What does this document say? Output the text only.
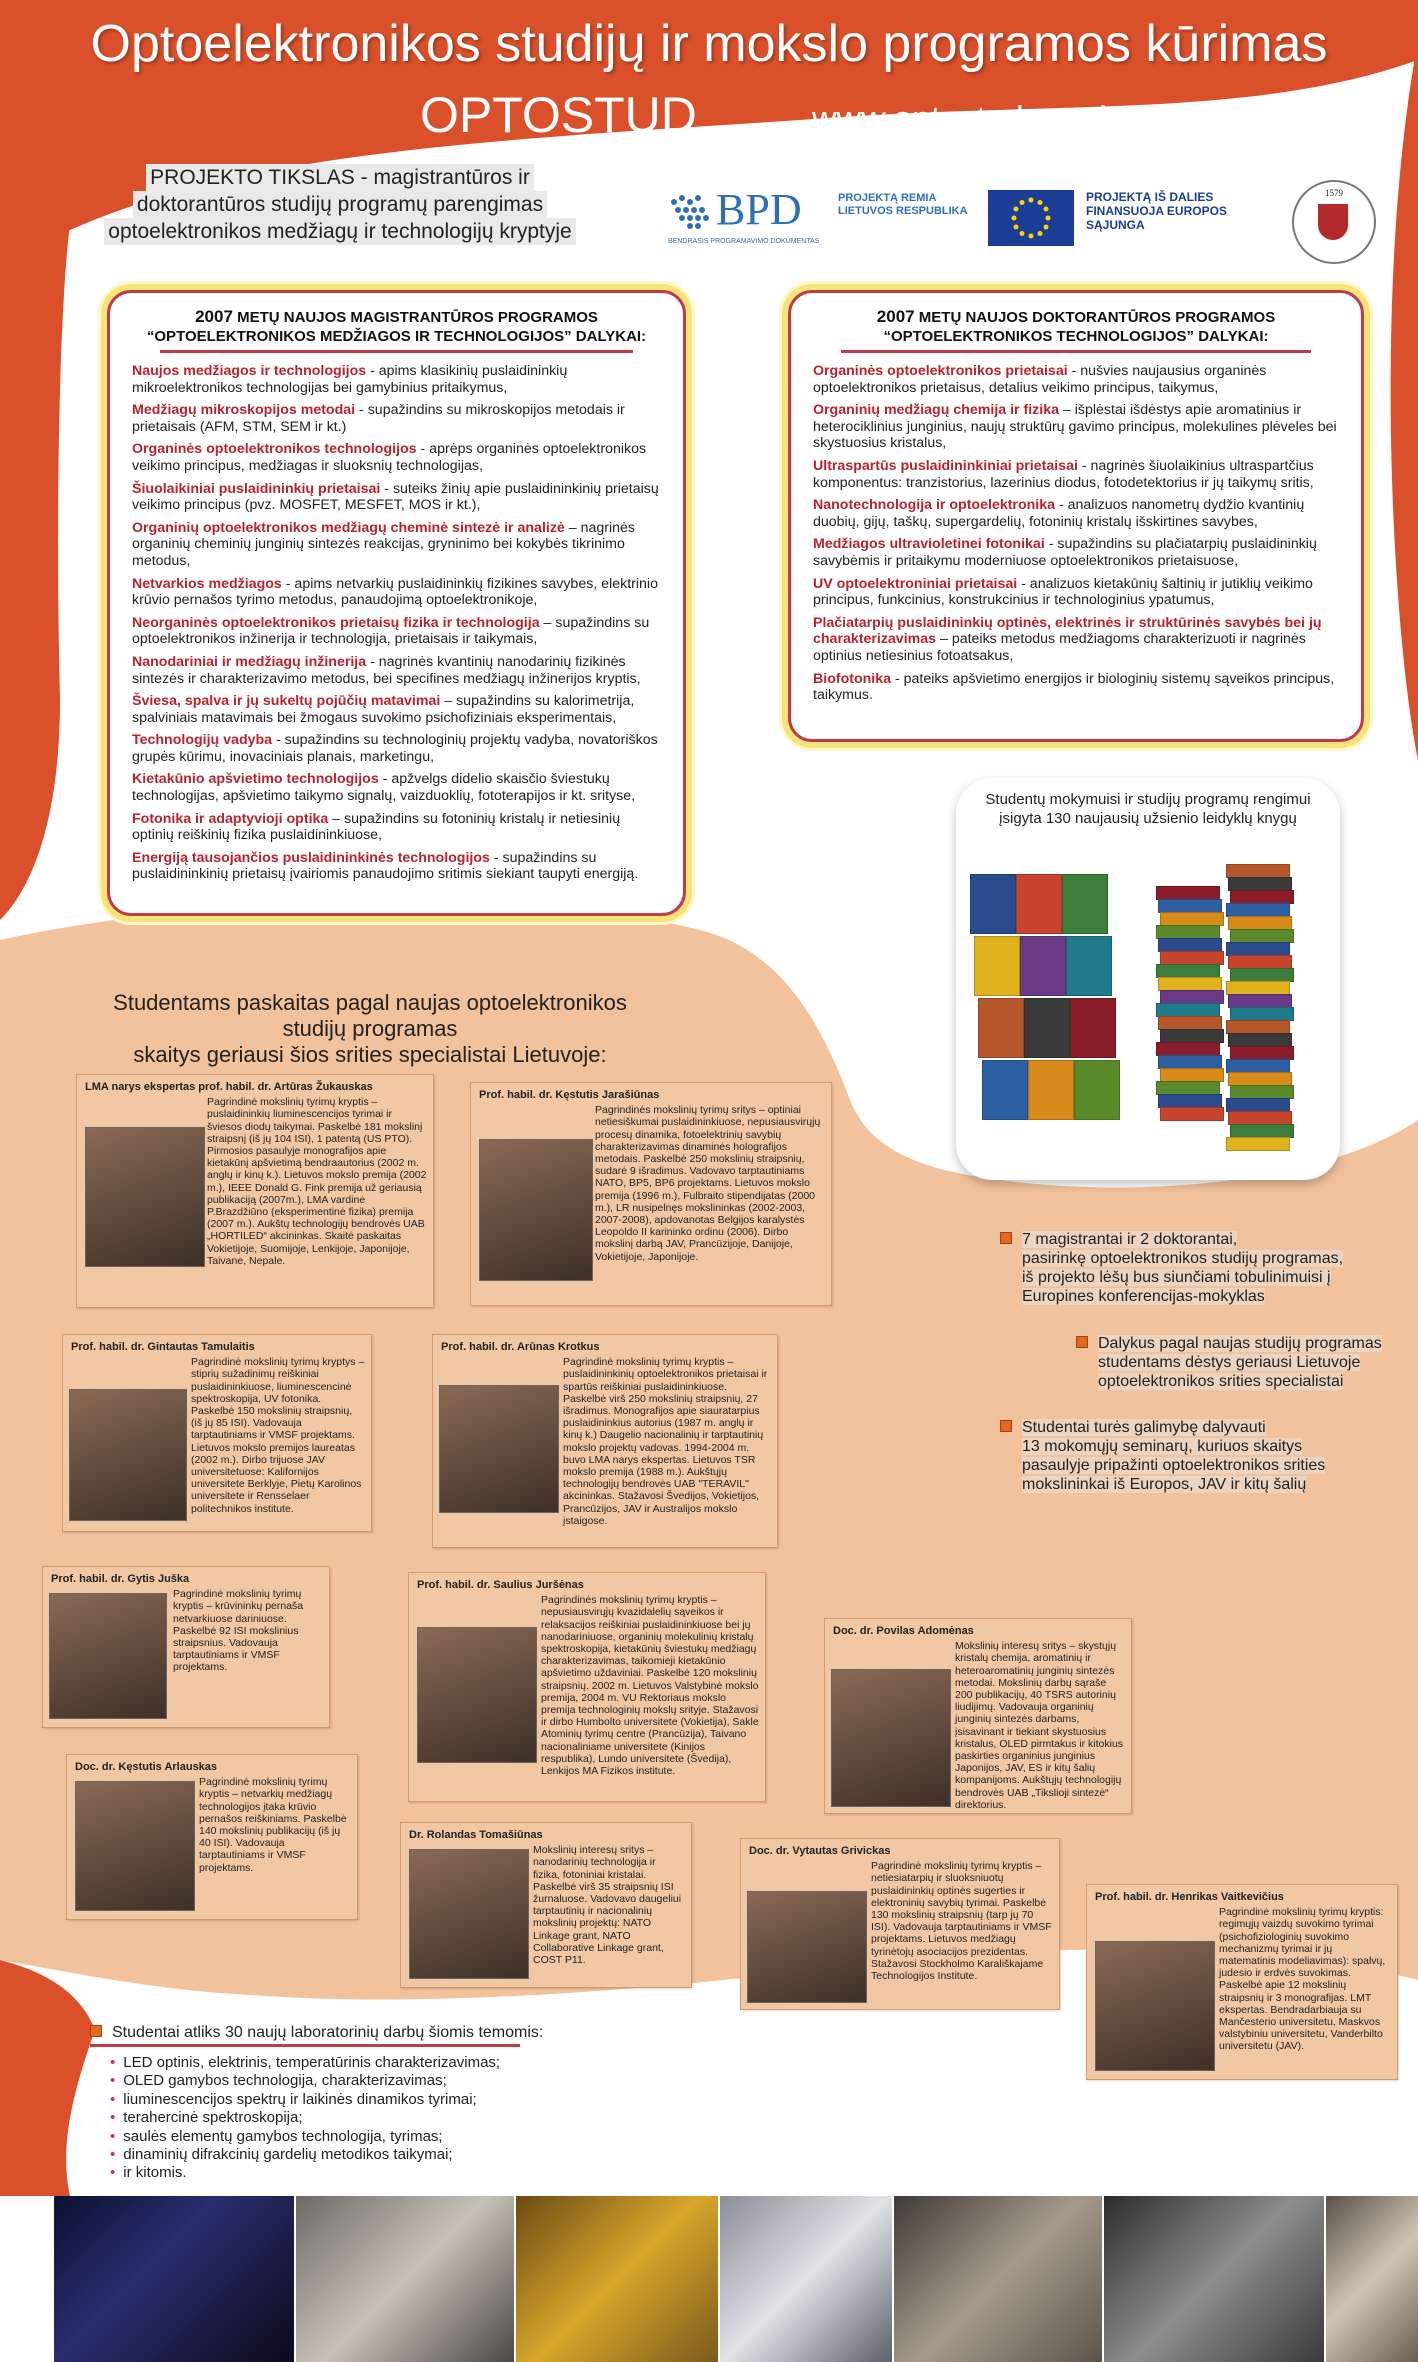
Optoelektronikos studijų ir mokslo programos kūrimas
OPTOSTUD	www.optostud.mtmi.vu.lt
PROJEKTO TIKSLAS - magistrantūros ir
doktorantūros studijų programų parengimas
optoelektronikos medžiagų ir technologijų kryptyje	BPD
BENDRASIS PROGRAMAVIMO DOKUMENTAS
PROJEKTĄ REMIA LIETUVOS RESPUBLIKA
PROJEKTĄ IŠ DALIES FINANSUOJA EUROPOS SĄJUNGA
1579
2007 METŲ NAUJOS MAGISTRANTŪROS PROGRAMOS
“OPTOELEKTRONIKOS MEDŽIAGOS IR TECHNOLOGIJOS” DALYKAI:
Naujos medžiagos ir technologijos - apims klasikinių puslaidininkių mikroelektronikos technologijas bei gamybinius pritaikymus,
Medžiagų mikroskopijos metodai - supažindins su mikroskopijos metodais ir prietaisais (AFM, STM, SEM ir kt.)
Organinės optoelektronikos technologijos - aprėps organinės optoelektronikos veikimo principus, medžiagas ir sluoksnių technologijas,
Šiuolaikiniai puslaidininkių prietaisai - suteiks žinių apie puslaidininkinių prietaisų veikimo principus (pvz. MOSFET, MESFET, MOS ir kt.),
Organinių optoelektronikos medžiagų cheminė sintezė ir analizė – nagrinės organinių cheminių junginių sintezės reakcijas, gryninimo bei kokybės tikrinimo metodus,
Netvarkios medžiagos - apims netvarkių puslaidininkių fizikines savybes, elektrinio krūvio pernašos tyrimo metodus, panaudojimą optoelektronikoje,
Neorganinės optoelektronikos prietaisų fizika ir technologija – supažindins su optoelektronikos inžinerija ir technologija, prietaisais ir taikymais,
Nanodariniai ir medžiagų inžinerija - nagrinės kvantinių nanodarinių fizikinės sintezės ir charakterizavimo metodus, bei specifines medžiagų inžinerijos kryptis,
Šviesa, spalva ir jų sukeltų pojūčių matavimai – supažindins su kalorimetrija, spalviniais matavimais bei žmogaus suvokimo psichofiziniais eksperimentais,
Technologijų vadyba - supažindins su technologinių projektų vadyba, novatoriškos grupės kūrimu, inovaciniais planais, marketingu,
Kietakūnio apšvietimo technologijos - apžvelgs didelio skaisčio šviestukų technologijas, apšvietimo taikymo signalų, vaizduoklių, fototerapijos ir kt. srityse,
Fotonika ir adaptyvioji optika – supažindins su fotoninių kristalų ir netiesinių optinių reiškinių fizika puslaidininkiuose,
Energiją tausojančios puslaidininkinės technologijos - supažindins su puslaidininkinių prietaisų įvairiomis panaudojimo sritimis siekiant taupyti energiją.
2007 METŲ NAUJOS DOKTORANTŪROS PROGRAMOS
“OPTOELEKTRONIKOS TECHNOLOGIJOS” DALYKAI:
Organinės optoelektronikos prietaisai - nušvies naujausius organinės optoelektronikos prietaisus, detalius veikimo principus, taikymus,
Organinių medžiagų chemija ir fizika – išplėstai išdėstys apie aromatinius ir heterociklinius junginius, naujų struktūrų gavimo principus, molekulines plėveles bei skystuosius kristalus,
Ultraspartūs puslaidininkiniai prietaisai - nagrinės šiuolaikinius ultraspartčius komponentus: tranzistorius, lazerinius diodus, fotodetektorius ir jų taikymų sritis,
Nanotechnologija ir optoelektronika - analizuos nanometrų dydžio kvantinių duobių, gijų, taškų, supergardelių, fotoninių kristalų išskirtines savybes,
Medžiagos ultravioletinei fotonikai - supažindins su plačiatarpių puslaidininkių savybėmis ir pritaikymu moderniuose optoelektronikos prietaisuose,
UV optoelektroniniai prietaisai - analizuos kietakūnių šaltinių ir jutiklių veikimo principus, funkcinius, konstrukcinius ir technologinius ypatumus,
Plačiatarpių puslaidininkių optinės, elektrinės ir struktūrinės savybės bei jų charakterizavimas – pateiks metodus medžiagoms charakterizuoti ir nagrinės optinius netiesinius fotoatsakus,
Biofotonika - pateiks apšvietimo energijos ir biologinių sistemų sąveikos principus, taikymus.
Studentų mokymuisi ir studijų programų rengimui
įsigyta 130 naujausių užsienio leidyklų knygų
7 magistrantai ir 2 doktorantai,
pasirinkę optoelektronikos studijų programas,
iš projekto lėšų bus siunčiami tobulinimuisi į
Europines konferencijas-mokyklas
Dalykus pagal naujas studijų programas
studentams dėstys geriausi Lietuvoje
optoelektronikos srities specialistai
Studentai turės galimybę dalyvauti
13 mokomųjų seminarų, kuriuos skaitys
pasaulyje pripažinti optoelektronikos srities
mokslininkai iš Europos, JAV ir kitų šalių
Studentams paskaitas pagal naujas optoelektronikos studijų programas
skaitys geriausi šios srities specialistai Lietuvoje:
LMA narys ekspertas prof. habil. dr. Artūras Žukauskas
Pagrindinė mokslinių tyrimų kryptis – puslaidininkių liuminescencijos tyrimai ir šviesos diodų taikymai. Paskelbė 181 mokslinį straipsnį (iš jų 104 ISI), 1 patentą (US PTO). Pirmosios pasaulyje monografijos apie kietakūnį apšvietimą bendraautorius (2002 m. anglų ir kinų k.). Lietuvos mokslo premija (2002 m.), IEEE Donald G. Fink premija už geriausią publikaciją (2007m.), LMA vardinė P.Brazdžiūno (eksperimentinė fizika) premija (2007 m.). Aukštų technologijų bendrovės UAB „HORTILED“ akcininkas. Skaitė paskaitas Vokietijoje, Suomijoje, Lenkijoje, Japonijoje, Taivane, Nepale.
Prof. habil. dr. Kęstutis Jarašiūnas
Pagrindinės mokslinių tyrimų sritys – optiniai netiesiškumai puslaidininkiuose, nepusiausvirųjų procesų dinamika, fotoelektrinių savybių charakterizavimas dinaminės holografijos metodais. Paskelbė 250 mokslinių straipsnių, sudarė 9 išradimus. Vadovavo tarptautiniams NATO, BP5, BP6 projektams. Lietuvos mokslo premija (1996 m.), Fulbraito stipendijatas (2000 m.), LR nusipelnęs mokslininkas (2002-2003, 2007-2008), apdovanotas Belgijos karalystės Leopoldo II karininko ordinu (2006). Dirbo mokslinį darbą JAV, Prancūzijoje, Danijoje, Vokietijoje, Japonijoje.
Prof. habil. dr. Gintautas Tamulaitis
Pagrindinė mokslinių tyrimų kryptys – stiprių sužadinimų reiškiniai puslaidininkiuose, liuminescencinė spektroskopija, UV fotonika. Paskelbė 150 mokslinių straipsnių, (iš jų 85 ISI). Vadovauja tarptautiniams ir VMSF projektams. Lietuvos mokslo premijos laureatas (2002 m.). Dirbo trijuose JAV universitetuose: Kalifornijos universitete Berklyje, Pietų Karolinos universitete ir Rensselaer politechnikos institute.
Prof. habil. dr. Arūnas Krotkus
Pagrindinė mokslinių tyrimų kryptis – puslaidininkinių optoelektronikos prietaisai ir spartūs reiškiniai puslaidininkiuose. Paskelbė virš 250 mokslinių straipsnių, 27 išradimus. Monografijos apie siauratarpius puslaidininkius autorius (1987 m. anglų ir kinų k.) Daugelio nacionalinių ir tarptautinių mokslo projektų vadovas. 1994-2004 m. buvo LMA narys ekspertas. Lietuvos TSR mokslo premija (1988 m.). Aukštųjų technologijų bendrovės UAB "TERAVIL" akcininkas. Stažavosi Švedijos, Vokietijos, Prancūzijos, JAV ir Australijos mokslo įstaigose.
Prof. habil. dr. Gytis Juška
Pagrindinė mokslinių tyrimų kryptis – krūvininkų pernaša netvarkiuose dariniuose. Paskelbė 92 ISI mokslinius straipsnius. Vadovauja tarptautiniams ir VMSF projektams.
Prof. habil. dr. Saulius Juršėnas
Pagrindinės mokslinių tyrimų kryptis – nepusiausvirųjų kvazidalelių sąveikos ir relaksacijos reiškiniai puslaidininkiuose bei jų nanodariniuose, organinių molekulinių kristalų spektroskopija, kietakūnių šviestukų medžiagų charakterizavimas, taikomieji kietakūnio apšvietimo uždaviniai. Paskelbė 120 mokslinių straipsnių. 2002 m. Lietuvos Valstybinė mokslo premija, 2004 m. VU Rektoriaus mokslo premija technologinių mokslų srityje. Stažavosi ir dirbo Humbolto universitete (Vokietija), Sakle Atominių tyrimų centre (Prancūzija), Taivano nacionaliniame universitete (Kinijos respublika), Lundo universitete (Švedija), Lenkijos MA Fizikos institute.
Doc. dr. Povilas Adomėnas
Mokslinių interesų sritys – skystųjų kristalų chemija, aromatinių ir heteroaromatinių junginių sintezės metodai. Mokslinių darbų sąraše 200 publikacijų, 40 TSRS autorinių liudijimų. Vadovauja organinių junginių sintezės darbams, įsisavinant ir tiekiant skystuosius kristalus, OLED pirmtakus ir kitokius paskirties organinius junginius Japonijos, JAV, ES ir kitų šalių kompanijoms. Aukštųjų technologijų bendrovės UAB „Tikslioji sintezė“ direktorius.
Doc. dr. Kęstutis Arlauskas
Pagrindinė mokslinių tyrimų kryptis – netvarkių medžiagų technologijos įtaka krūvio pernašos reiškiniams. Paskelbė 140 mokslinių publikacijų (iš jų 40 ISI). Vadovauja tarptautiniams ir VMSF projektams.
Dr. Rolandas Tomašiūnas
Mokslinių interesų sritys – nanodarinių technologija ir fizika, fotoniniai kristalai. Paskelbė virš 35 straipsnių ISI žurnaluose. Vadovavo daugeliui tarptautinių ir nacionalinių mokslinių projektų: NATO Linkage grant, NATO Collaborative Linkage grant, COST P11.
Doc. dr. Vytautas Grivickas
Pagrindinė mokslinių tyrimų kryptis – netiesiatarpių ir sluoksniuotų puslaidininkių optinės sugerties ir elektroninių savybių tyrimai. Paskelbė 130 mokslinių straipsnių (tarp jų 70 ISI). Vadovauja tarptautiniams ir VMSF projektams. Lietuvos medžiagų tyrinėtojų asociacijos prezidentas. Stažavosi Stockholmo Karališkajame Technologijos Institute.
Prof. habil. dr. Henrikas Vaitkevičius
Pagrindinė mokslinių tyrimų kryptis: regimųjų vaizdų suvokimo tyrimai (psichofiziologinių suvokimo mechanizmų tyrimai ir jų matematinis modeliavimas): spalvų, judesio ir erdvės suvokimas. Paskelbė apie 12 mokslinių straipsnių ir 3 monografijas. LMT ekspertas. Bendradarbiauja su Mančesterio universitetu, Maskvos valstybiniu universitetu, Vanderbilto universitetu (JAV).
Studentai atliks 30 naujų laboratorinių darbų šiomis temomis:
• LED optinis, elektrinis, temperatūrinis charakterizavimas;
• OLED gamybos technologija, charakterizavimas;
• liuminescencijos spektrų ir laikinės dinamikos tyrimai;
• terahercinė spektroskopija;
• saulės elementų gamybos technologija, tyrimas;
• dinaminių difrakcinių gardelių metodikos taikymai;
• ir kitomis.
